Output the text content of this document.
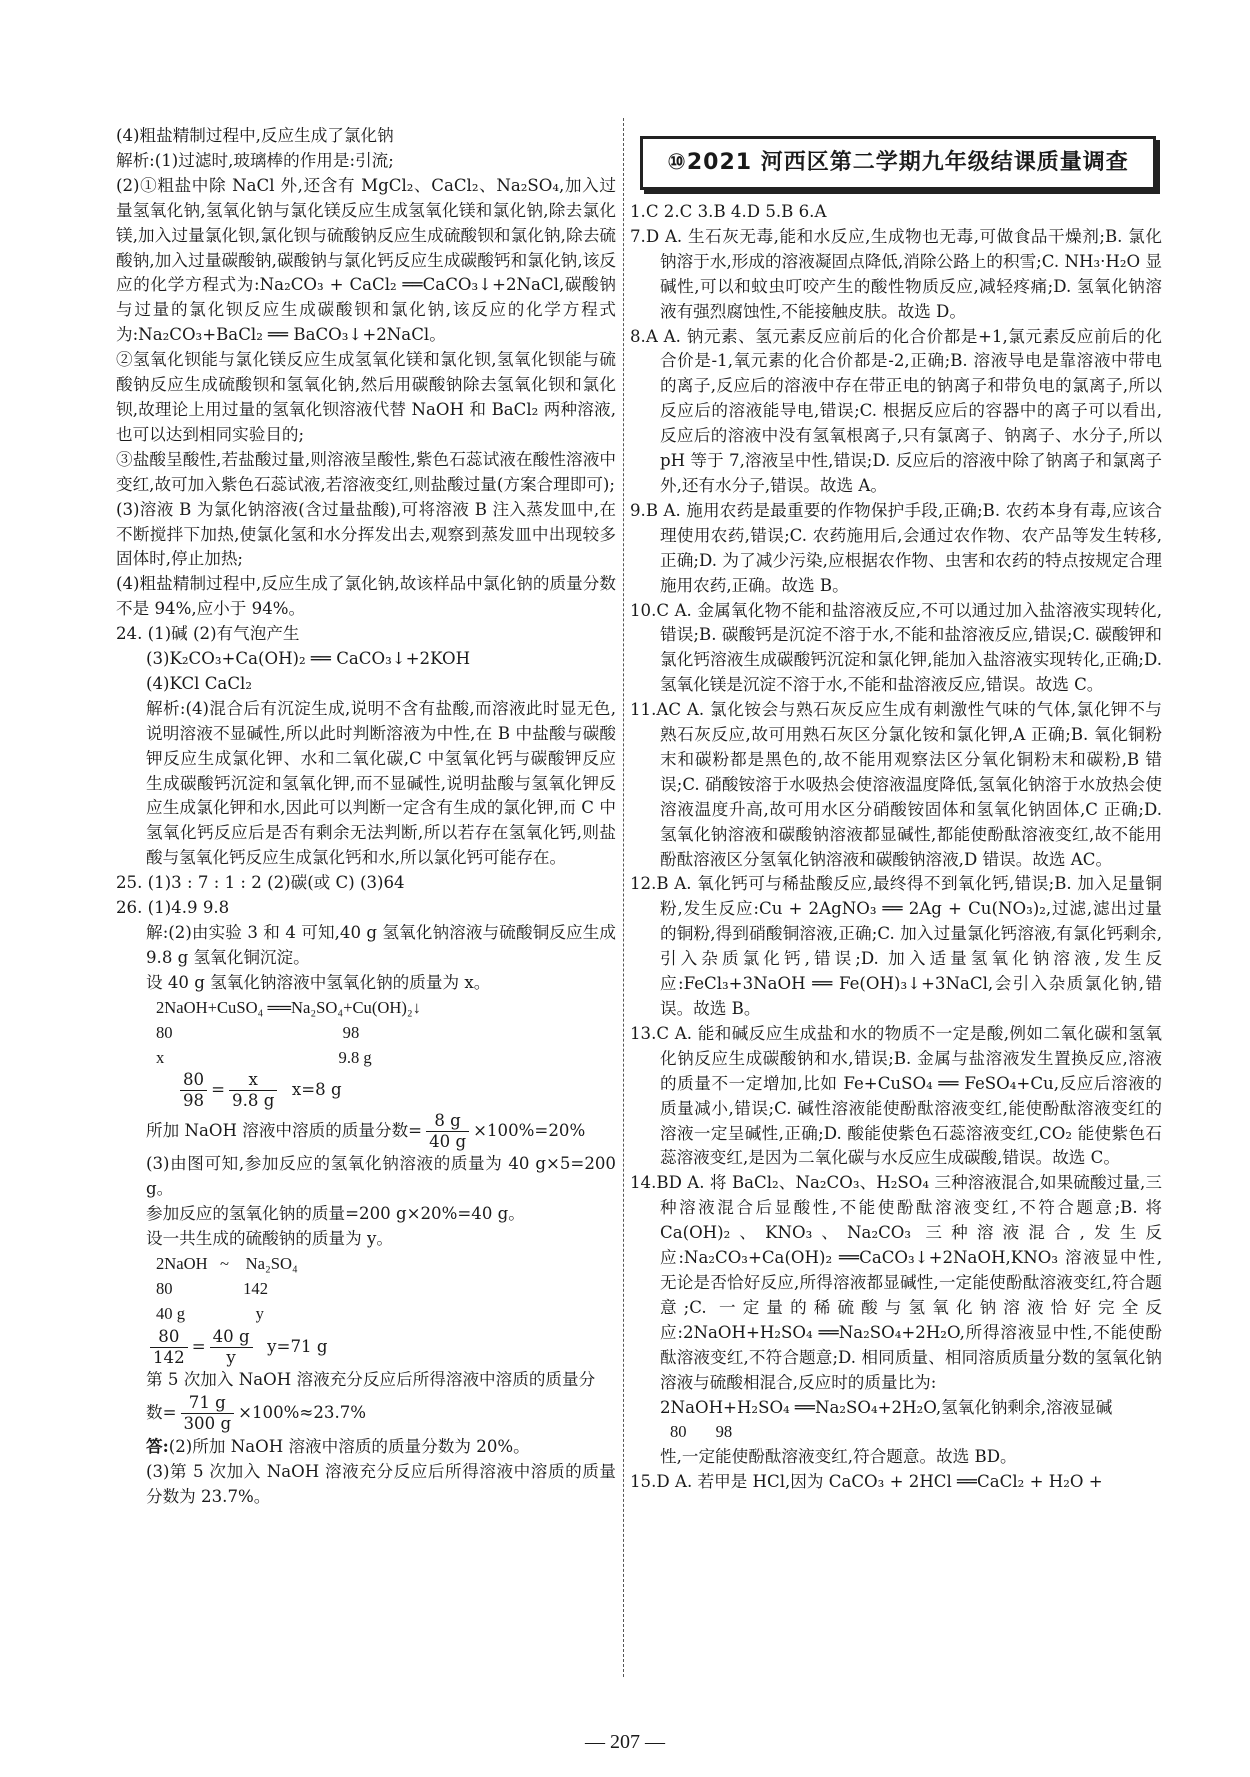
⑩2021 河西区第二学期九年级结课质量调查

(4)粗盐精制过程中,反应生成了氯化钠

解析:(1)过滤时,玻璃棒的作用是:引流;

(2)①粗盐中除 NaCl 外,还含有 MgCl₂、CaCl₂、Na₂SO₄,加入过量氢氧化钠,氢氧化钠与氯化镁反应生成氢氧化镁和氯化钠,除去氯化镁,加入过量氯化钡,氯化钡与硫酸钠反应生成硫酸钡和氯化钠,除去硫酸钠,加入过量碳酸钠,碳酸钠与氯化钙反应生成碳酸钙和氯化钠,该反应的化学方程式为:Na₂CO₃ + CaCl₂ ══CaCO₃↓+2NaCl,碳酸钠与过量的氯化钡反应生成碳酸钡和氯化钠,该反应的化学方程式为:Na₂CO₃+BaCl₂ ══ BaCO₃↓+2NaCl。

②氢氧化钡能与氯化镁反应生成氢氧化镁和氯化钡,氢氧化钡能与硫酸钠反应生成硫酸钡和氢氧化钠,然后用碳酸钠除去氢氧化钡和氯化钡,故理论上用过量的氢氧化钡溶液代替 NaOH 和 BaCl₂ 两种溶液,也可以达到相同实验目的;

③盐酸呈酸性,若盐酸过量,则溶液呈酸性,紫色石蕊试液在酸性溶液中变红,故可加入紫色石蕊试液,若溶液变红,则盐酸过量(方案合理即可);

(3)溶液 B 为氯化钠溶液(含过量盐酸),可将溶液 B 注入蒸发皿中,在不断搅拌下加热,使氯化氢和水分挥发出去,观察到蒸发皿中出现较多固体时,停止加热;

(4)粗盐精制过程中,反应生成了氯化钠,故该样品中氯化钠的质量分数不是 94%,应小于 94%。

24. (1)碱 (2)有气泡产生

(3)K₂CO₃+Ca(OH)₂ ══ CaCO₃↓+2KOH

(4)KCl CaCl₂

解析:(4)混合后有沉淀生成,说明不含有盐酸,而溶液此时显无色,说明溶液不显碱性,所以此时判断溶液为中性,在 B 中盐酸与碳酸钾反应生成氯化钾、水和二氧化碳,C 中氢氧化钙与碳酸钾反应生成碳酸钙沉淀和氢氧化钾,而不显碱性,说明盐酸与氢氧化钾反应生成氯化钾和水,因此可以判断一定含有生成的氯化钾,而 C 中氢氧化钙反应后是否有剩余无法判断,所以若存在氢氧化钙,则盐酸与氢氧化钙反应生成氯化钙和水,所以氯化钙可能存在。

25. (1)3 : 7 : 1 : 2 (2)碳(或 C) (3)64

26. (1)4.9 9.8

解:(2)由实验 3 和 4 可知,40 g 氢氧化钠溶液与硫酸铜反应生成 9.8 g 氢氧化铜沉淀。

设 40 g 氢氧化钠溶液中氢氧化钠的质量为 x。

2NaOH+CuSO₄ ══Na₂SO₄+Cu(OH)₂↓

80                                         98

x                                          9.8 g

$\frac{80}{98} = \frac{x}{9.8 g} x=8$ g
所加 NaOH 溶液中溶质的质量分数= $\frac{8 g}{40 g} \times 100\%=20\%$

(3)由图可知,参加反应的氢氧化钠溶液的质量为 40 g×5=200 g。

参加反应的氢氧化钠的质量=200 g×20%=40 g。

设一共生成的硫酸钠的质量为 y。

2NaOH   ~    Na₂SO₄

80                 142

40 g                 y

$\frac{80}{142} = \frac{40 g}{y} y=71$ g

第 5 次加入 NaOH 溶液充分反应后所得溶液中溶质的质量分

数= $\frac{71 g}{300 g} \times 100\%\approx 23.7\%$

答:(2)所加 NaOH 溶液中溶质的质量分数为 20%。

(3)第 5 次加入 NaOH 溶液充分反应后所得溶液中溶质的质量分数为 23.7%。

1.C 2.C 3.B 4.D 5.B 6.A

7.D A. 生石灰无毒,能和水反应,生成物也无毒,可做食品干燥剂;B. 氯化钠溶于水,形成的溶液凝固点降低,消除公路上的积雪;C. NH₃·H₂O 显碱性,可以和蚊虫叮咬产生的酸性物质反应,减轻疼痛;D. 氢氧化钠溶液有强烈腐蚀性,不能接触皮肤。故选 D。

8.A A. 钠元素、氢元素反应前后的化合价都是+1,氯元素反应前后的化合价是-1,氧元素的化合价都是-2,正确;B. 溶液导电是靠溶液中带电的离子,反应后的溶液中存在带正电的钠离子和带负电的氯离子,所以反应后的溶液能导电,错误;C. 根据反应后的容器中的离子可以看出,反应后的溶液中没有氢氧根离子,只有氯离子、钠离子、水分子,所以 pH 等于 7,溶液呈中性,错误;D. 反应后的溶液中除了钠离子和氯离子外,还有水分子,错误。故选 A。

9.B A. 施用农药是最重要的作物保护手段,正确;B. 农药本身有毒,应该合理使用农药,错误;C. 农药施用后,会通过农作物、农产品等发生转移,正确;D. 为了减少污染,应根据农作物、虫害和农药的特点按规定合理施用农药,正确。故选 B。

10.C A. 金属氧化物不能和盐溶液反应,不可以通过加入盐溶液实现转化,错误;B. 碳酸钙是沉淀不溶于水,不能和盐溶液反应,错误;C. 碳酸钾和氯化钙溶液生成碳酸钙沉淀和氯化钾,能加入盐溶液实现转化,正确;D. 氢氧化镁是沉淀不溶于水,不能和盐溶液反应,错误。故选 C。

11.AC A. 氯化铵会与熟石灰反应生成有刺激性气味的气体,氯化钾不与熟石灰反应,故可用熟石灰区分氯化铵和氯化钾,A 正确;B. 氧化铜粉末和碳粉都是黑色的,故不能用观察法区分氧化铜粉末和碳粉,B 错误;C. 硝酸铵溶于水吸热会使溶液温度降低,氢氧化钠溶于水放热会使溶液温度升高,故可用水区分硝酸铵固体和氢氧化钠固体,C 正确;D. 氢氧化钠溶液和碳酸钠溶液都显碱性,都能使酚酞溶液变红,故不能用酚酞溶液区分氢氧化钠溶液和碳酸钠溶液,D 错误。故选 AC。

12.B A. 氧化钙可与稀盐酸反应,最终得不到氧化钙,错误;B. 加入足量铜粉,发生反应:Cu + 2AgNO₃ ══ 2Ag + Cu(NO₃)₂,过滤,滤出过量的铜粉,得到硝酸铜溶液,正确;C. 加入过量氯化钙溶液,有氯化钙剩余,引入杂质氯化钙,错误;D. 加入适量氢氧化钠溶液,发生反应:FeCl₃+3NaOH ══ Fe(OH)₃↓+3NaCl,会引入杂质氯化钠,错误。故选 B。

13.C A. 能和碱反应生成盐和水的物质不一定是酸,例如二氧化碳和氢氧化钠反应生成碳酸钠和水,错误;B. 金属与盐溶液发生置换反应,溶液的质量不一定增加,比如 Fe+CuSO₄ ══ FeSO₄+Cu,反应后溶液的质量减小,错误;C. 碱性溶液能使酚酞溶液变红,能使酚酞溶液变红的溶液一定呈碱性,正确;D. 酸能使紫色石蕊溶液变红,CO₂ 能使紫色石蕊溶液变红,是因为二氧化碳与水反应生成碳酸,错误。故选 C。

14.BD A. 将 BaCl₂、Na₂CO₃、H₂SO₄ 三种溶液混合,如果硫酸过量,三种溶液混合后显酸性,不能使酚酞溶液变红,不符合题意;B. 将 Ca(OH)₂、KNO₃、Na₂CO₃ 三种溶液混合,发生反应:Na₂CO₃+Ca(OH)₂ ══CaCO₃↓+2NaOH,KNO₃ 溶液显中性,无论是否恰好反应,所得溶液都显碱性,一定能使酚酞溶液变红,符合题意;C. 一定量的稀硫酸与氢氧化钠溶液恰好完全反应:2NaOH+H₂SO₄ ══Na₂SO₄+2H₂O,所得溶液显中性,不能使酚酞溶液变红,不符合题意;D. 相同质量、相同溶质质量分数的氢氧化钠溶液与硫酸相混合,反应时的质量比为:

2NaOH+H₂SO₄ ══Na₂SO₄+2H₂O,氢氧化钠剩余,溶液显碱

80       98

性,一定能使酚酞溶液变红,符合题意。故选 BD。

15.D A. 若甲是 HCl,因为 CaCO₃ + 2HCl ══CaCl₂ + H₂O +

— 207 —
